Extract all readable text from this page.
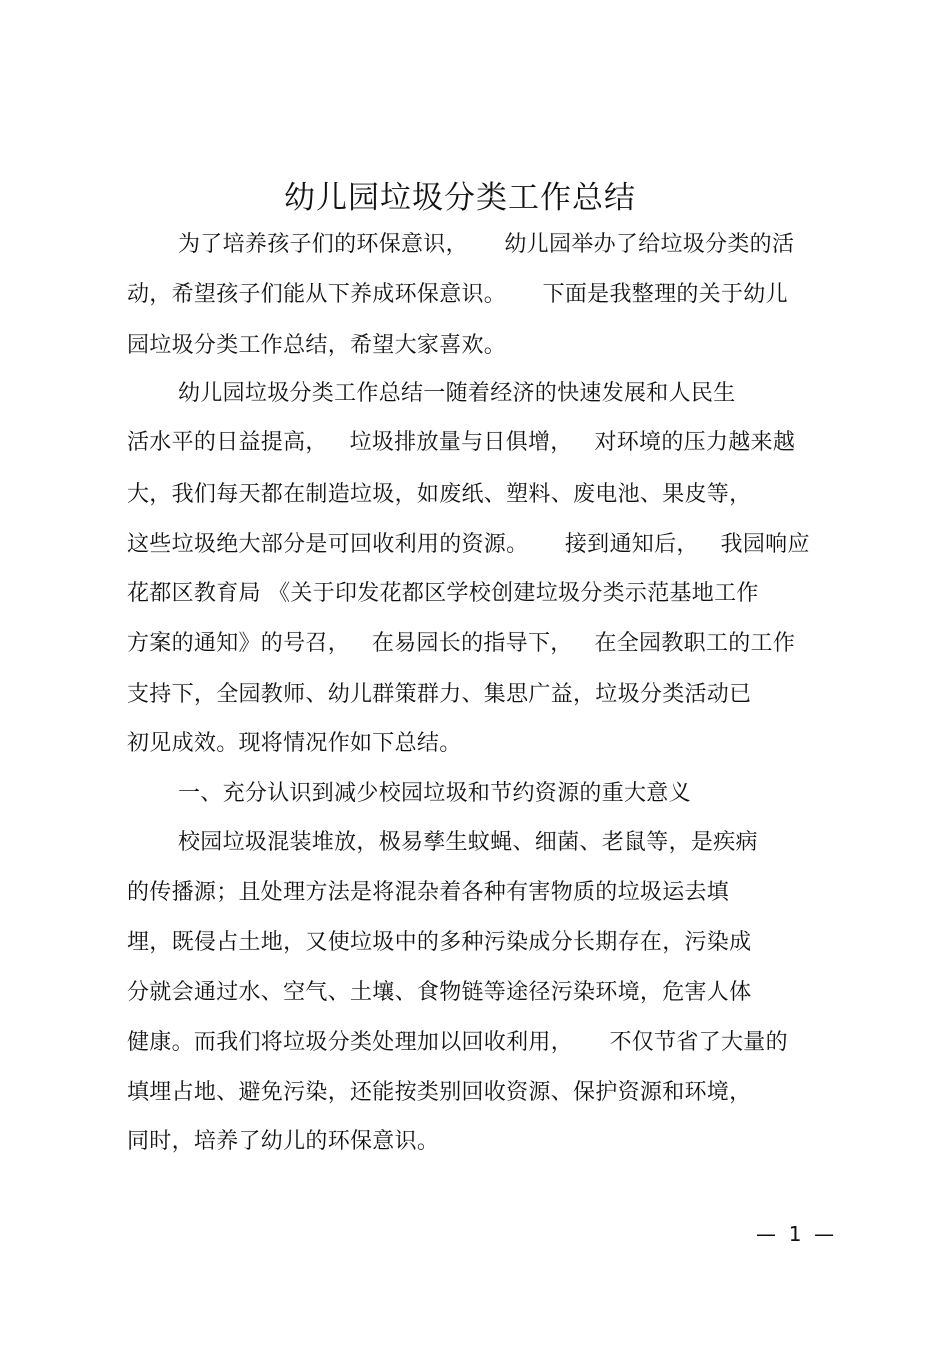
幼儿园垃圾分类工作总结
为了培养孩子们的环保意识，     幼儿园举办了给垃圾分类的活
动，希望孩子们能从下养成环保意识。     下面是我整理的关于幼儿
园垃圾分类工作总结，希望大家喜欢。
幼儿园垃圾分类工作总结一随着经济的快速发展和人民生
活水平的日益提高，   垃圾排放量与日俱增，   对环境的压力越来越
大，我们每天都在制造垃圾，如废纸、塑料、废电池、果皮等，
这些垃圾绝大部分是可回收利用的资源。     接到通知后，   我园响应
花都区教育局 《关于印发花都区学校创建垃圾分类示范基地工作
方案的通知》的号召，   在易园长的指导下，   在全园教职工的工作
支持下，全园教师、幼儿群策群力、集思广益，垃圾分类活动已
初见成效。现将情况作如下总结。
一、充分认识到减少校园垃圾和节约资源的重大意义
校园垃圾混装堆放，极易孳生蚊蝇、细菌、老鼠等，是疾病
的传播源；且处理方法是将混杂着各种有害物质的垃圾运去填
埋，既侵占土地，又使垃圾中的多种污染成分长期存在，污染成
分就会通过水、空气、土壤、食物链等途径污染环境，危害人体
健康。而我们将垃圾分类处理加以回收利用，     不仅节省了大量的
填埋占地、避免污染，还能按类别回收资源、保护资源和环境，
同时，培养了幼儿的环保意识。
—  1  —
